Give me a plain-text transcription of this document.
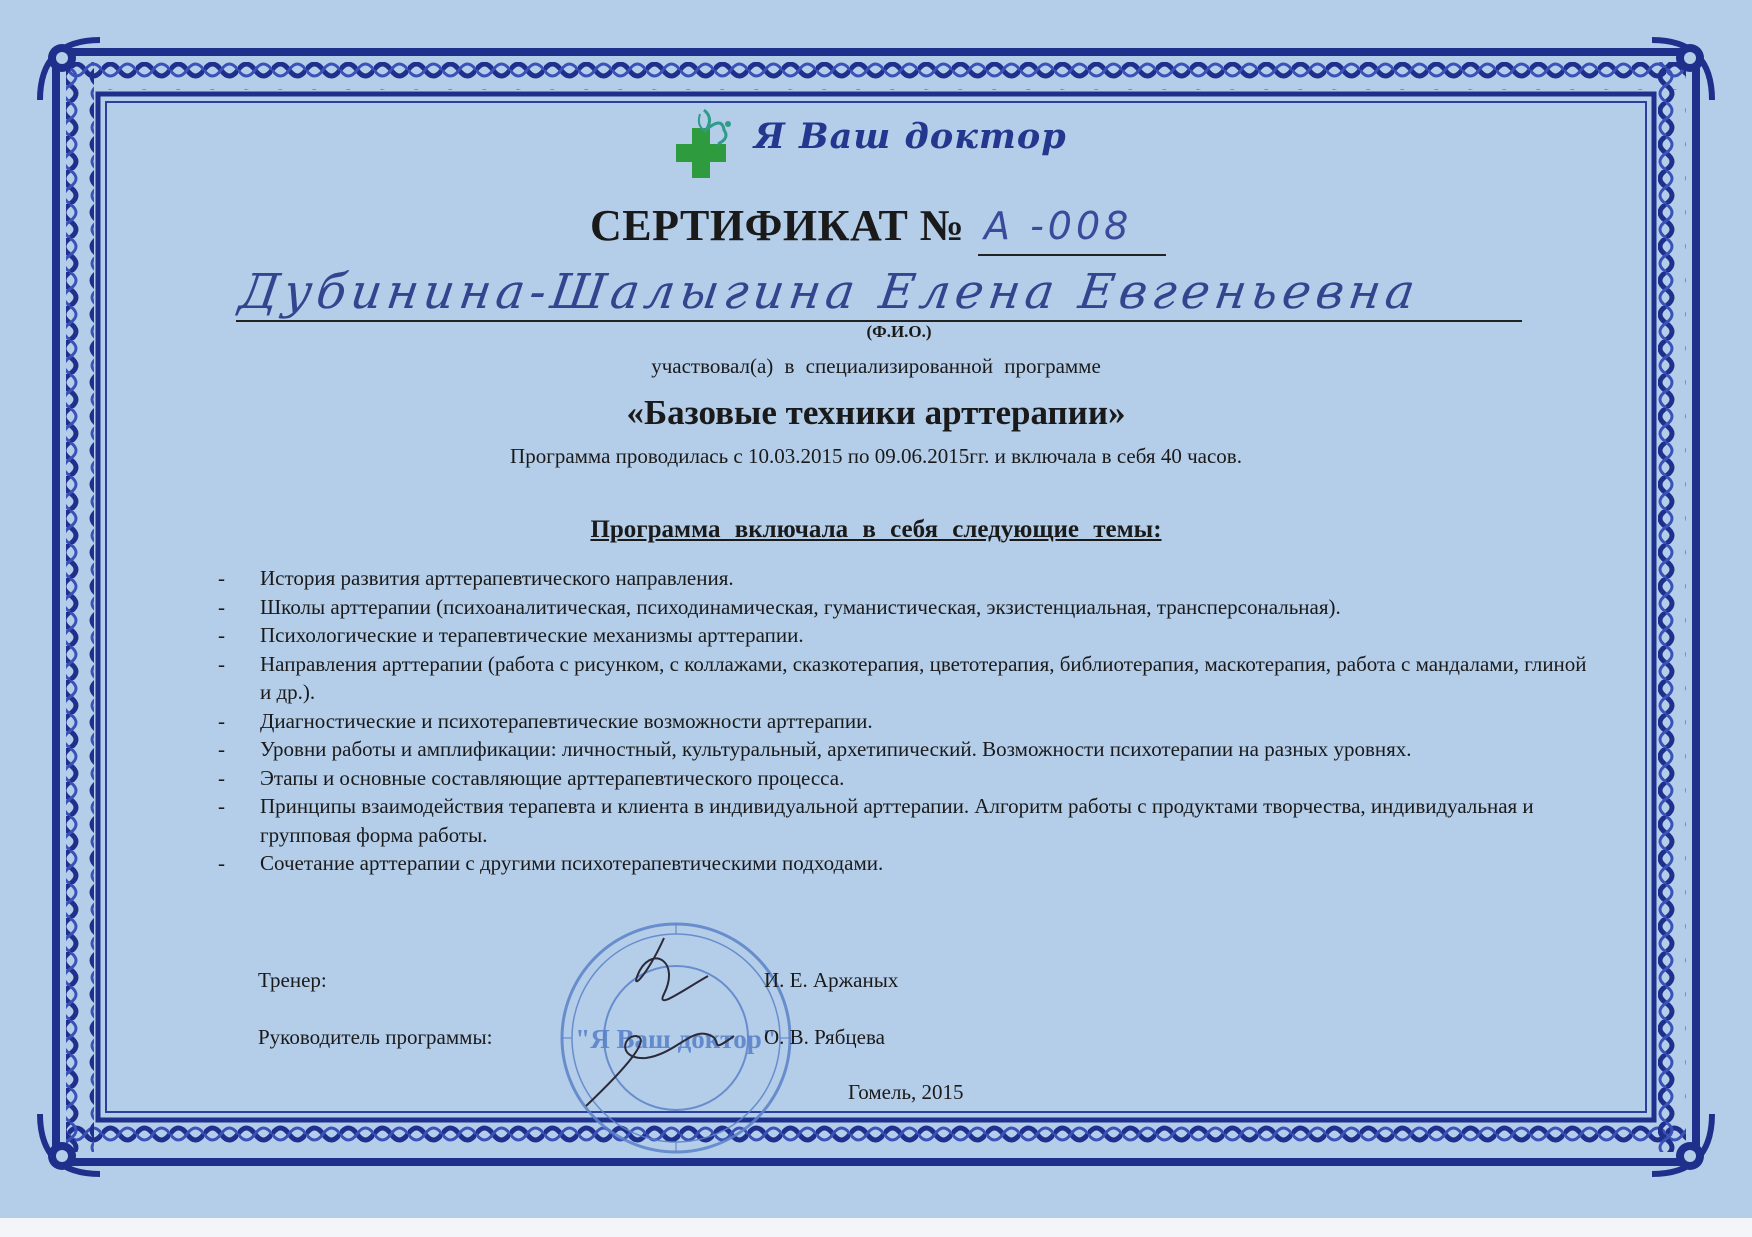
Я Ваш доктор
СЕРТИФИКАТ № А -008
Дубинина-Шалыгина Елена Евгеньевна
(Ф.И.О.)
участвовал(а) в специализированной программе
«Базовые техники арттерапии»
Программа проводилась с 10.03.2015 по 09.06.2015гг. и включала в себя 40 часов.
Программа включала в себя следующие темы:
- История развития арттерапевтического направления.
- Школы арттерапии (психоаналитическая, психодинамическая, гуманистическая, экзистенциальная, трансперсональная).
- Психологические и терапевтические механизмы арттерапии.
- Направления арттерапии (работа с рисунком, с коллажами, сказкотерапия, цветотерапия, библиотерапия, маскотерапия, работа с мандалами, глиной и др.).
- Диагностические и психотерапевтические возможности арттерапии.
- Уровни работы и амплификации: личностный, культуральный, архетипический. Возможности психотерапии на разных уровнях.
- Этапы и основные составляющие арттерапевтического процесса.
- Принципы взаимодействия терапевта и клиента в индивидуальной арттерапии. Алгоритм работы с продуктами творчества, индивидуальная и групповая форма работы.
- Сочетание арттерапии с другими психотерапевтическими подходами.
"Я Ваш доктор"
Тренер:	И. Е. Аржаных
Руководитель программы:	О. В. Рябцева
Гомель, 2015
